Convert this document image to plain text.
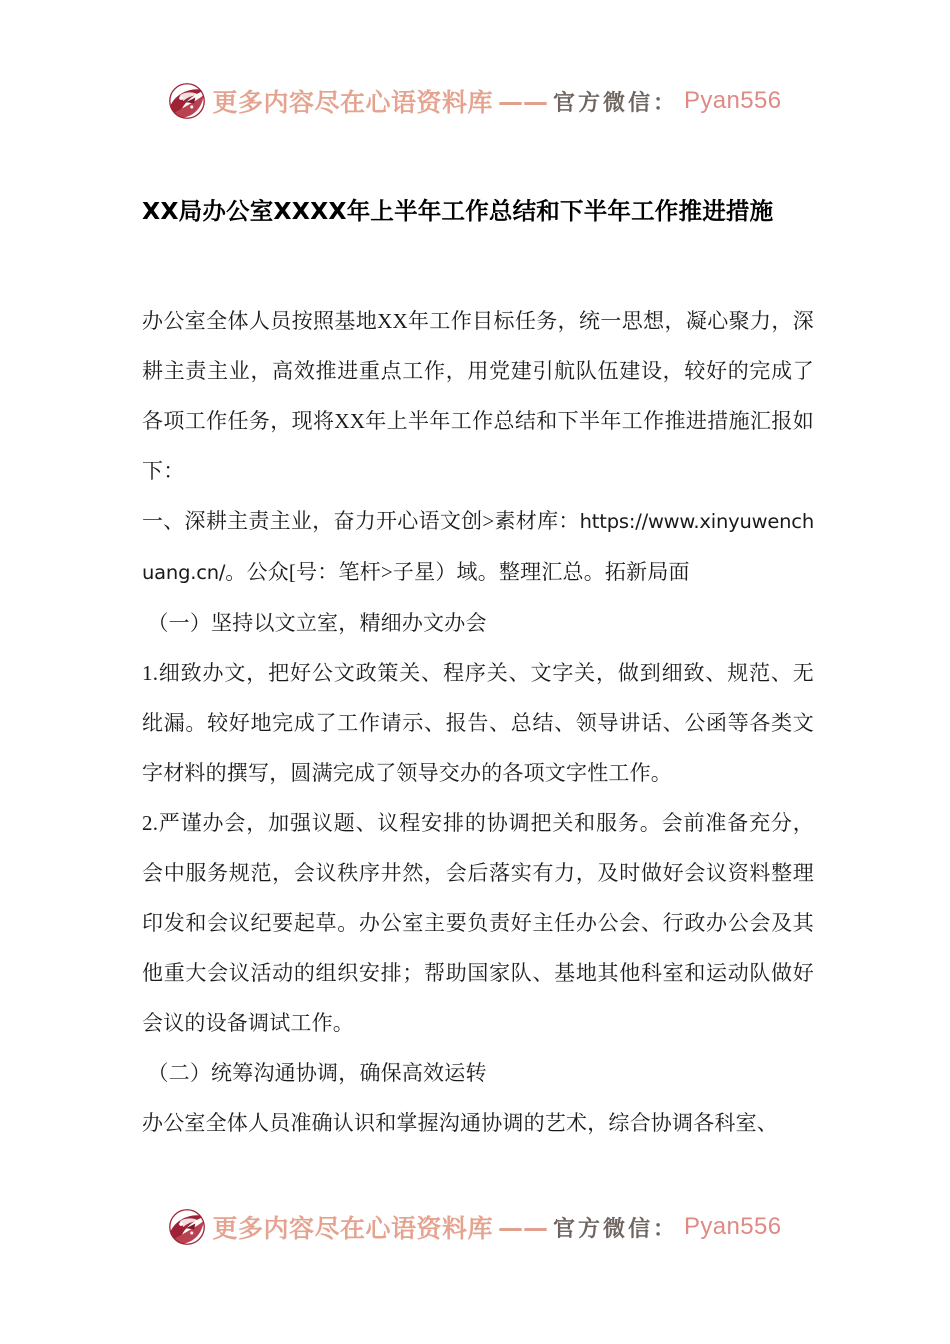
更多内容尽在心语资料库 —— 官方微信： Pyan556
XX局办公室XXXX年上半年工作总结和下半年工作推进措施

办公室全体人员按照基地XX年工作目标任务，统一思想，凝心聚力，深耕主责主业，高效推进重点工作，用党建引航队伍建设，较好的完成了各项工作任务，现将XX年上半年工作总结和下半年工作推进措施汇报如下：

一、深耕主责主业，奋力开心语文创>素材库：https://www.xinyuwenchuang.cn/。公众[号：笔杆>子星）域。整理汇总。拓新局面

（一）坚持以文立室，精细办文办会

1.细致办文，把好公文政策关、程序关、文字关，做到细致、规范、无纰漏。较好地完成了工作请示、报告、总结、领导讲话、公函等各类文字材料的撰写，圆满完成了领导交办的各项文字性工作。

2.严谨办会，加强议题、议程安排的协调把关和服务。会前准备充分，会中服务规范，会议秩序井然，会后落实有力，及时做好会议资料整理印发和会议纪要起草。办公室主要负责好主任办公会、行政办公会及其他重大会议活动的组织安排；帮助国家队、基地其他科室和运动队做好会议的设备调试工作。

（二）统筹沟通协调，确保高效运转

办公室全体人员准确认识和掌握沟通协调的艺术，综合协调各科室、

更多内容尽在心语资料库 —— 官方微信： Pyan556
